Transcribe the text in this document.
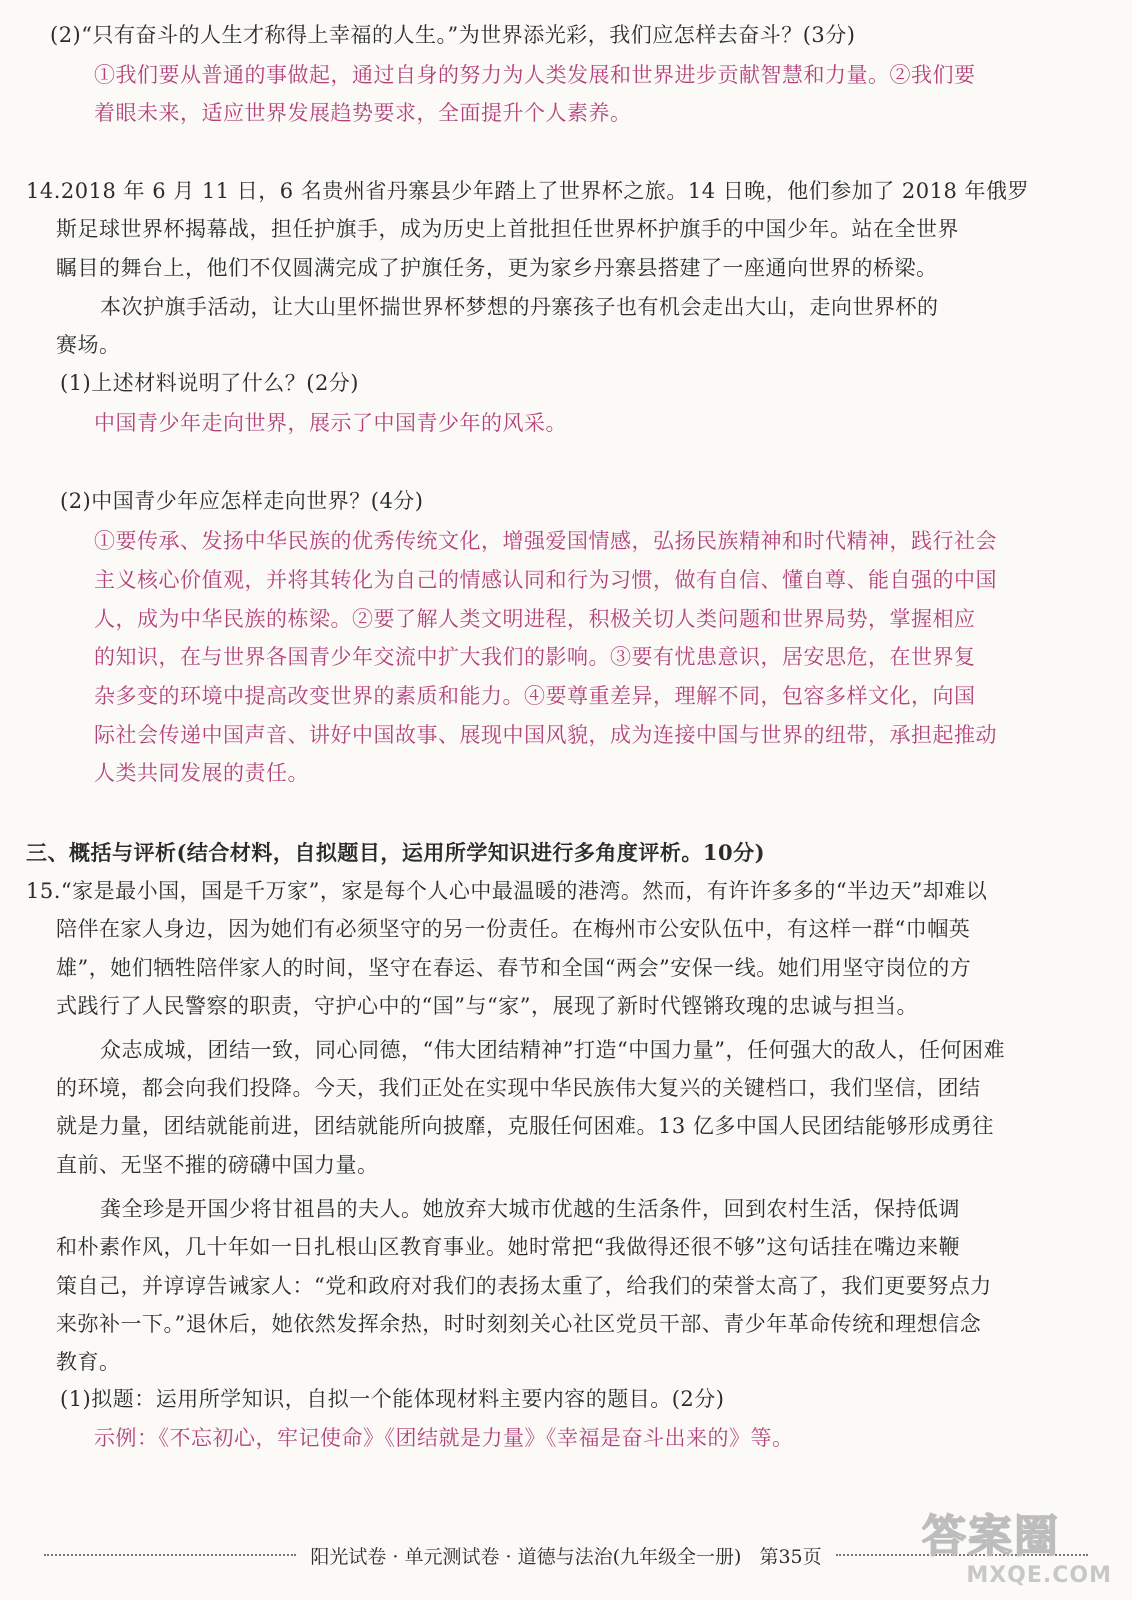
(2)“只有奋斗的人生才称得上幸福的人生。”为世界添光彩，我们应怎样去奋斗？(3分)
①我们要从普通的事做起，通过自身的努力为人类发展和世界进步贡献智慧和力量。②我们要
着眼未来，适应世界发展趋势要求，全面提升个人素养。
14.2018 年 6 月 11 日，6 名贵州省丹寨县少年踏上了世界杯之旅。14 日晚，他们参加了 2018 年俄罗
斯足球世界杯揭幕战，担任护旗手，成为历史上首批担任世界杯护旗手的中国少年。站在全世界
瞩目的舞台上，他们不仅圆满完成了护旗任务，更为家乡丹寨县搭建了一座通向世界的桥梁。
本次护旗手活动，让大山里怀揣世界杯梦想的丹寨孩子也有机会走出大山，走向世界杯的
赛场。
(1)上述材料说明了什么？(2分)
中国青少年走向世界，展示了中国青少年的风采。
(2)中国青少年应怎样走向世界？(4分)
①要传承、发扬中华民族的优秀传统文化，增强爱国情感，弘扬民族精神和时代精神，践行社会
主义核心价值观，并将其转化为自己的情感认同和行为习惯，做有自信、懂自尊、能自强的中国
人，成为中华民族的栋梁。②要了解人类文明进程，积极关切人类问题和世界局势，掌握相应
的知识，在与世界各国青少年交流中扩大我们的影响。③要有忧患意识，居安思危，在世界复
杂多变的环境中提高改变世界的素质和能力。④要尊重差异，理解不同，包容多样文化，向国
际社会传递中国声音、讲好中国故事、展现中国风貌，成为连接中国与世界的纽带，承担起推动
人类共同发展的责任。
三、概括与评析(结合材料，自拟题目，运用所学知识进行多角度评析。10分)
15.“家是最小国，国是千万家”，家是每个人心中最温暖的港湾。然而，有许许多多的“半边天”却难以
陪伴在家人身边，因为她们有必须坚守的另一份责任。在梅州市公安队伍中，有这样一群“巾帼英
雄”，她们牺牲陪伴家人的时间，坚守在春运、春节和全国“两会”安保一线。她们用坚守岗位的方
式践行了人民警察的职责，守护心中的“国”与“家”，展现了新时代铿锵玫瑰的忠诚与担当。
众志成城，团结一致，同心同德，“伟大团结精神”打造“中国力量”，任何强大的敌人，任何困难
的环境，都会向我们投降。今天，我们正处在实现中华民族伟大复兴的关键档口，我们坚信，团结
就是力量，团结就能前进，团结就能所向披靡，克服任何困难。13 亿多中国人民团结能够形成勇往
直前、无坚不摧的磅礴中国力量。
龚全珍是开国少将甘祖昌的夫人。她放弃大城市优越的生活条件，回到农村生活，保持低调
和朴素作风，几十年如一日扎根山区教育事业。她时常把“我做得还很不够”这句话挂在嘴边来鞭
策自己，并谆谆告诫家人：“党和政府对我们的表扬太重了，给我们的荣誉太高了，我们更要努点力
来弥补一下。”退休后，她依然发挥余热，时时刻刻关心社区党员干部、青少年革命传统和理想信念
教育。
(1)拟题：运用所学知识，自拟一个能体现材料主要内容的题目。(2分)
示例：《不忘初心，牢记使命》《团结就是力量》《幸福是奋斗出来的》等。
阳光试卷 · 单元测试卷 · 道德与法治(九年级全一册) 第35页 答案圈
MXQE.COM
